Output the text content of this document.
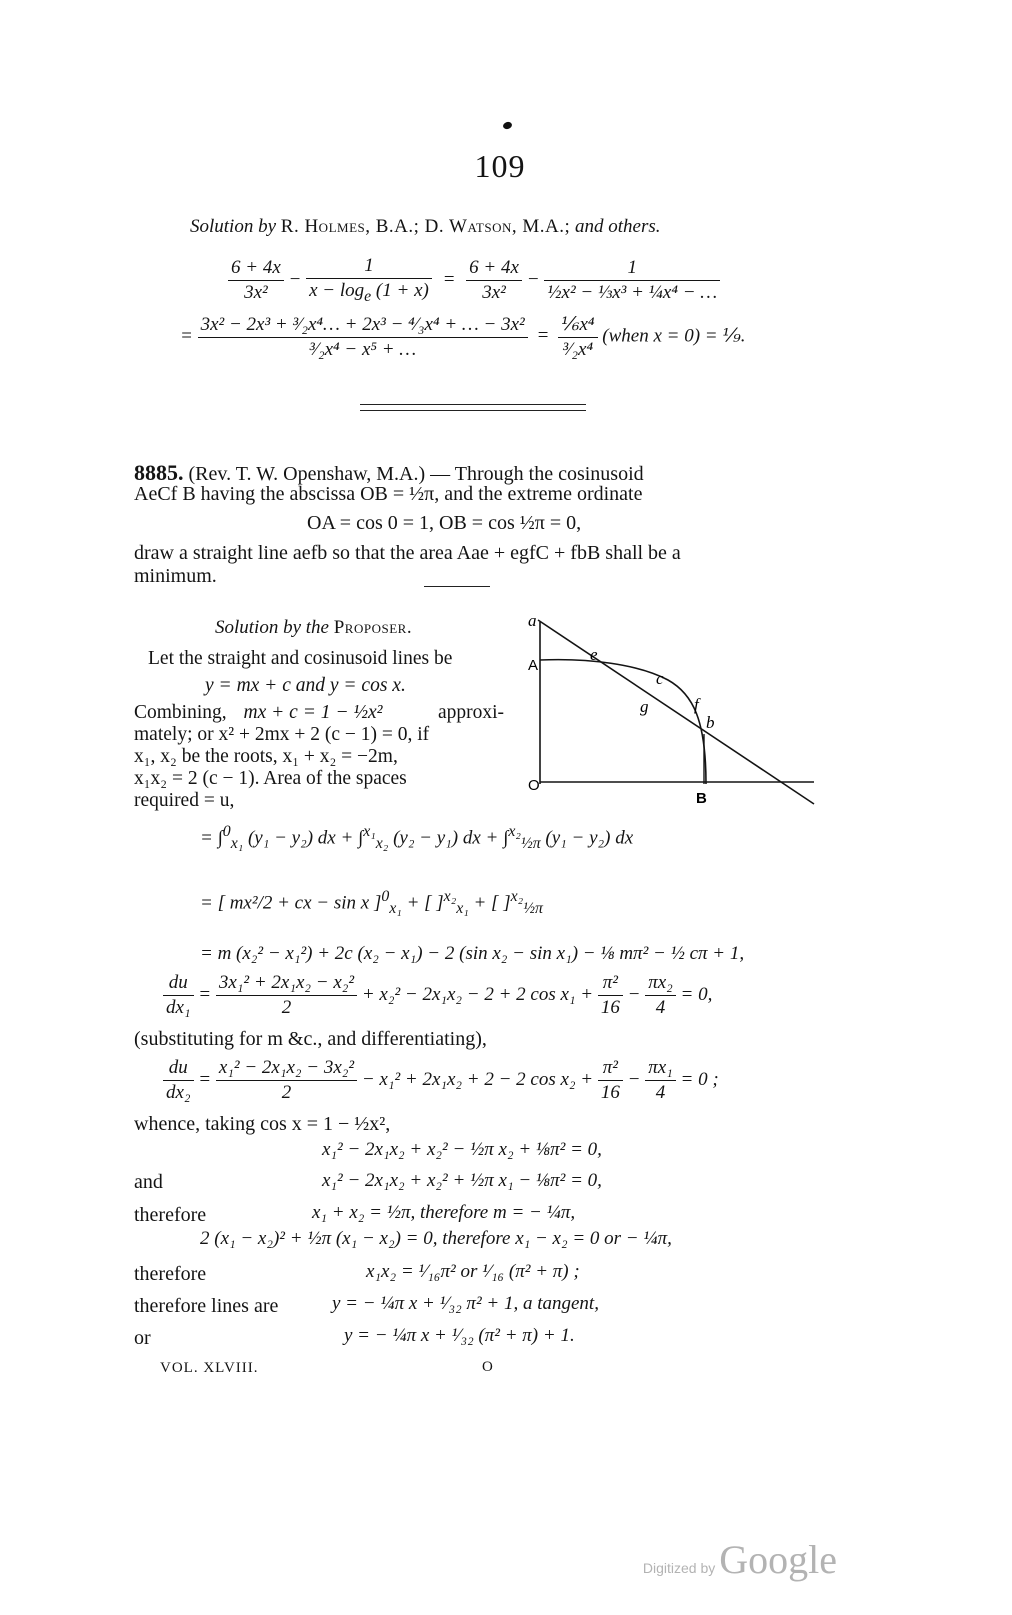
109
Solution by R. Holmes, B.A.; D. Watson, M.A.; and others.
$\frac{6 + 4x}{\text{3x²}} - \frac{1}{x - \log_e (1 + x)} = \frac{6 + 4x}{\text{3x²}} - \frac{1}{\text{½x² − ⅓x³ + ¼x⁴ − …}}$
= $\frac{\text{3x² − 2x³ + ³⁄₂x⁴… + 2x³ − ⁴⁄₃x⁴ + … − 3x²}}{\text{³⁄₂x⁴ − x⁵ + …}} = \frac{\text{⅙x⁴}}{\text{³⁄₂x⁴}}$ (when x = 0) = ⅑.
8885. (Rev. T. W. Openshaw, M.A.) — Through the cosinusoid
AeCf B having the abscissa OB = ½π, and the extreme ordinate
OA = cos 0 = 1, OB = cos ½π = 0,
draw a straight line aefb so that the area Aae + egfC + fbB shall be a
minimum.
Solution by the Proposer.
Let the straight and cosinusoid lines be
y = mx + c and y = cos x.
Combining, mx + c = 1 − ½x²	approxi-
mately; or x² + 2mx + 2 (c − 1) = 0, if
x₁, x₂ be the roots, x₁ + x₂ = −2m,
x₁x₂ = 2 (c − 1). Area of the spaces
required = u,
a
A
e
c
g	f
b
O
B
= ∫$^0_{x_1}$ (y₁ − y₂) dx + ∫$^{x_1}_{x_2}$ (y₂ − y₁) dx + ∫$^{x_2}_{\frac{1}{2}\pi}$ (y₁ − y₂) dx
= [ mx²/2 + cx − sin x ]$^0_{x_1}$ + [ ]$^{x_2}_{x_1}$ + [ ]$^{x_2}_{\frac{1}{2}\pi}$
= m (x₂² − x₁²) + 2c (x₂ − x₁) − 2 (sin x₂ − sin x₁) − ⅛ mπ² − ½ cπ + 1,
$\frac{du}{\text{dx₁}} = \frac{\text{3x₁² + 2x₁x₂ − x₂²}}{2} + x_2^2 - 2x_1x_2 - 2 + 2$ $\cos x_1 + \frac{\text{π²}}{16} - \frac{\text{πx₂}}{4} = 0$,
(substituting for m &c., and differentiating),
$\frac{du}{\text{dx₂}} = \frac{\text{x₁² − 2x₁x₂ − 3x₂²}}{2} - x_1^2 + 2x_1x_2 + 2 - 2$ $\cos x_2 + \frac{\text{π²}}{16} - \frac{\text{πx₁}}{4} = 0$ ;
whence, taking cos x = 1 − ½x²,
x₁² − 2x₁x₂ + x₂² − ½π x₂ + ⅛π² = 0,
and	x₁² − 2x₁x₂ + x₂² + ½π x₁ − ⅛π² = 0,
therefore	x₁ + x₂ = ½π, therefore m = − ¼π,
2 (x₁ − x₂)² + ½π (x₁ − x₂) = 0, therefore x₁ − x₂ = 0 or − ¼π,
therefore	x₁x₂ = ¹⁄₁₆π² or ¹⁄₁₆ (π² + π) ;
therefore lines are	y = − ¼π x + ¹⁄₃₂ π² + 1, a tangent,
or	y = − ¼π x + ¹⁄₃₂ (π² + π) + 1.
VOL. XLVIII.	O
Digitized by Google
